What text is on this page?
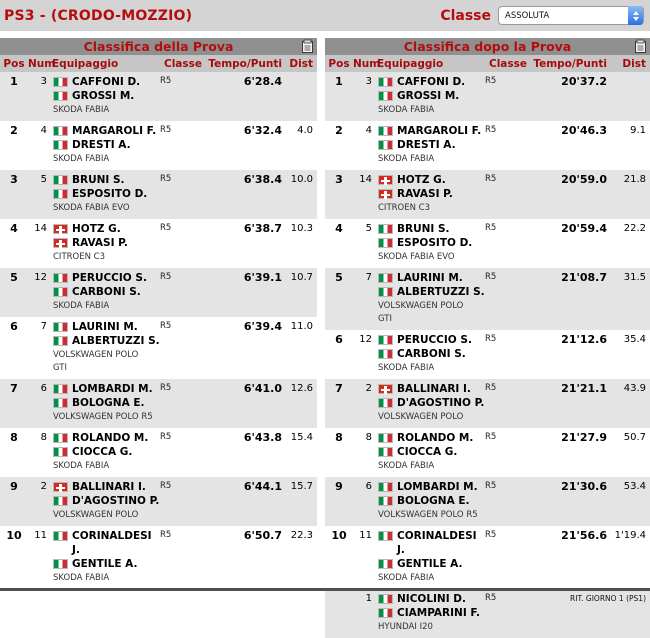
PS3 - (CRODO-MOZZIO)	Classe	ASSOLUTA
Classifica della Prova
Pos Num
Equipaggio	Classe Tempo/Punti Dist
1	3 CAFFONI D.
GROSSI M.
SKODA FABIA
R5	6'28.4
2	4 MARGAROLI F.
DRESTI A.
SKODA FABIA
R5	6'32.4	4.0
3	5 BRUNI S.
ESPOSITO D.
SKODA FABIA EVO
R5	6'38.4 10.0
4	14 HOTZ G.
RAVASI P.
CITROEN C3
R5	6'38.7 10.3
5	12 PERUCCIO S.
CARBONI S.
SKODA FABIA
R5	6'39.1 10.7
6	7 LAURINI M.
ALBERTUZZI S.
VOLSKWAGEN POLO
GTI
R5	6'39.4 11.0
7	6 LOMBARDI M.
BOLOGNA E.
VOLKSWAGEN POLO R5
R5	6'41.0 12.6
8	8 ROLANDO M.
CIOCCA G.
SKODA FABIA
R5	6'43.8 15.4
9	2 BALLINARI I.
D'AGOSTINO P.
VOLSKWAGEN POLO
R5	6'44.1 15.7
10	11 CORINALDESI
J.
GENTILE A.
SKODA FABIA
R5	6'50.7 22.3
Classifica dopo la Prova
Pos Num
Equipaggio	Classe Tempo/Punti	Dist
1	3 CAFFONI D.
GROSSI M.
SKODA FABIA
R5	20'37.2
2	4 MARGAROLI F.
DRESTI A.
SKODA FABIA
R5	20'46.3	9.1
3	14 HOTZ G.
RAVASI P.
CITROEN C3
R5	20'59.0	21.8
4	5 BRUNI S.
ESPOSITO D.
SKODA FABIA EVO
R5	20'59.4	22.2
5	7 LAURINI M.
ALBERTUZZI S.
VOLSKWAGEN POLO
GTI
R5	21'08.7	31.5
6	12 PERUCCIO S.
CARBONI S.
SKODA FABIA
R5	21'12.6	35.4
7	2 BALLINARI I.
D'AGOSTINO P.
VOLSKWAGEN POLO
R5	21'21.1	43.9
8	8 ROLANDO M.
CIOCCA G.
SKODA FABIA
R5	21'27.9	50.7
9	6 LOMBARDI M.
BOLOGNA E.
VOLKSWAGEN POLO R5
R5	21'30.6	53.4
10	11 CORINALDESI
J.
GENTILE A.
SKODA FABIA
R5	21'56.6 1'19.4
1 NICOLINI D.
CIAMPARINI F.
HYUNDAI I20
R5	RIT. GIORNO 1 (PS1)
